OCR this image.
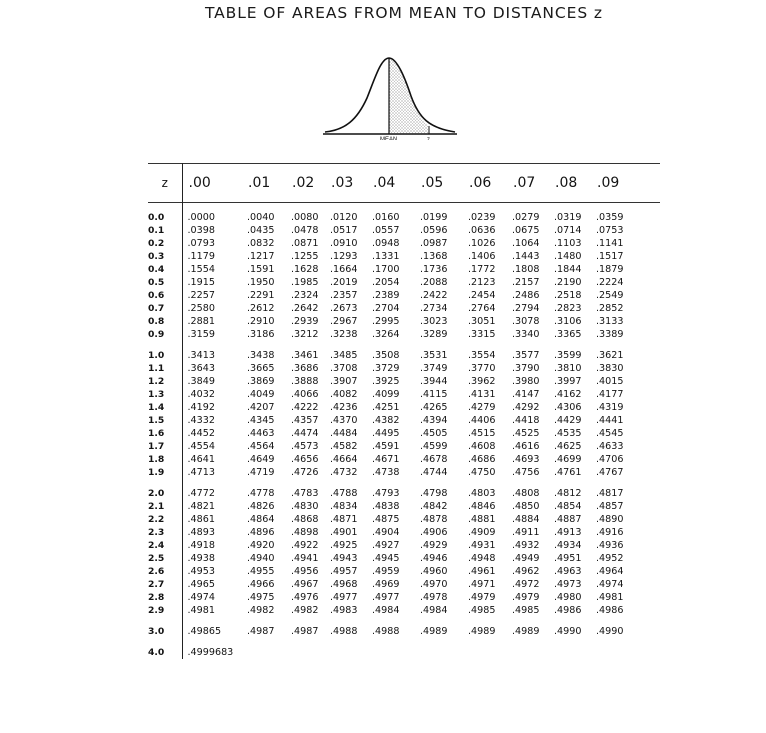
TABLE OF AREAS FROM MEAN TO DISTANCES z
MEAN	z
z	.00	.01	.02	.03	.04	.05	.06	.07	.08	.09
0.0	.0000	.0040	.0080	.0120	.0160	.0199	.0239	.0279	.0319	.0359
0.1	.0398	.0435	.0478	.0517	.0557	.0596	.0636	.0675	.0714	.0753
0.2	.0793	.0832	.0871	.0910	.0948	.0987	.1026	.1064	.1103	.1141
0.3	.1179	.1217	.1255	.1293	.1331	.1368	.1406	.1443	.1480	.1517
0.4	.1554	.1591	.1628	.1664	.1700	.1736	.1772	.1808	.1844	.1879
0.5	.1915	.1950	.1985	.2019	.2054	.2088	.2123	.2157	.2190	.2224
0.6	.2257	.2291	.2324	.2357	.2389	.2422	.2454	.2486	.2518	.2549
0.7	.2580	.2612	.2642	.2673	.2704	.2734	.2764	.2794	.2823	.2852
0.8	.2881	.2910	.2939	.2967	.2995	.3023	.3051	.3078	.3106	.3133
0.9	.3159	.3186	.3212	.3238	.3264	.3289	.3315	.3340	.3365	.3389

1.0	.3413	.3438	.3461	.3485	.3508	.3531	.3554	.3577	.3599	.3621
1.1	.3643	.3665	.3686	.3708	.3729	.3749	.3770	.3790	.3810	.3830
1.2	.3849	.3869	.3888	.3907	.3925	.3944	.3962	.3980	.3997	.4015
1.3	.4032	.4049	.4066	.4082	.4099	.4115	.4131	.4147	.4162	.4177
1.4	.4192	.4207	.4222	.4236	.4251	.4265	.4279	.4292	.4306	.4319
1.5	.4332	.4345	.4357	.4370	.4382	.4394	.4406	.4418	.4429	.4441
1.6	.4452	.4463	.4474	.4484	.4495	.4505	.4515	.4525	.4535	.4545
1.7	.4554	.4564	.4573	.4582	.4591	.4599	.4608	.4616	.4625	.4633
1.8	.4641	.4649	.4656	.4664	.4671	.4678	.4686	.4693	.4699	.4706
1.9	.4713	.4719	.4726	.4732	.4738	.4744	.4750	.4756	.4761	.4767

2.0	.4772	.4778	.4783	.4788	.4793	.4798	.4803	.4808	.4812	.4817
2.1	.4821	.4826	.4830	.4834	.4838	.4842	.4846	.4850	.4854	.4857
2.2	.4861	.4864	.4868	.4871	.4875	.4878	.4881	.4884	.4887	.4890
2.3	.4893	.4896	.4898	.4901	.4904	.4906	.4909	.4911	.4913	.4916
2.4	.4918	.4920	.4922	.4925	.4927	.4929	.4931	.4932	.4934	.4936
2.5	.4938	.4940	.4941	.4943	.4945	.4946	.4948	.4949	.4951	.4952
2.6	.4953	.4955	.4956	.4957	.4959	.4960	.4961	.4962	.4963	.4964
2.7	.4965	.4966	.4967	.4968	.4969	.4970	.4971	.4972	.4973	.4974
2.8	.4974	.4975	.4976	.4977	.4977	.4978	.4979	.4979	.4980	.4981
2.9	.4981	.4982	.4982	.4983	.4984	.4984	.4985	.4985	.4986	.4986

3.0	.49865	.4987	.4987	.4988	.4988	.4989	.4989	.4989	.4990	.4990

4.0	.4999683									
